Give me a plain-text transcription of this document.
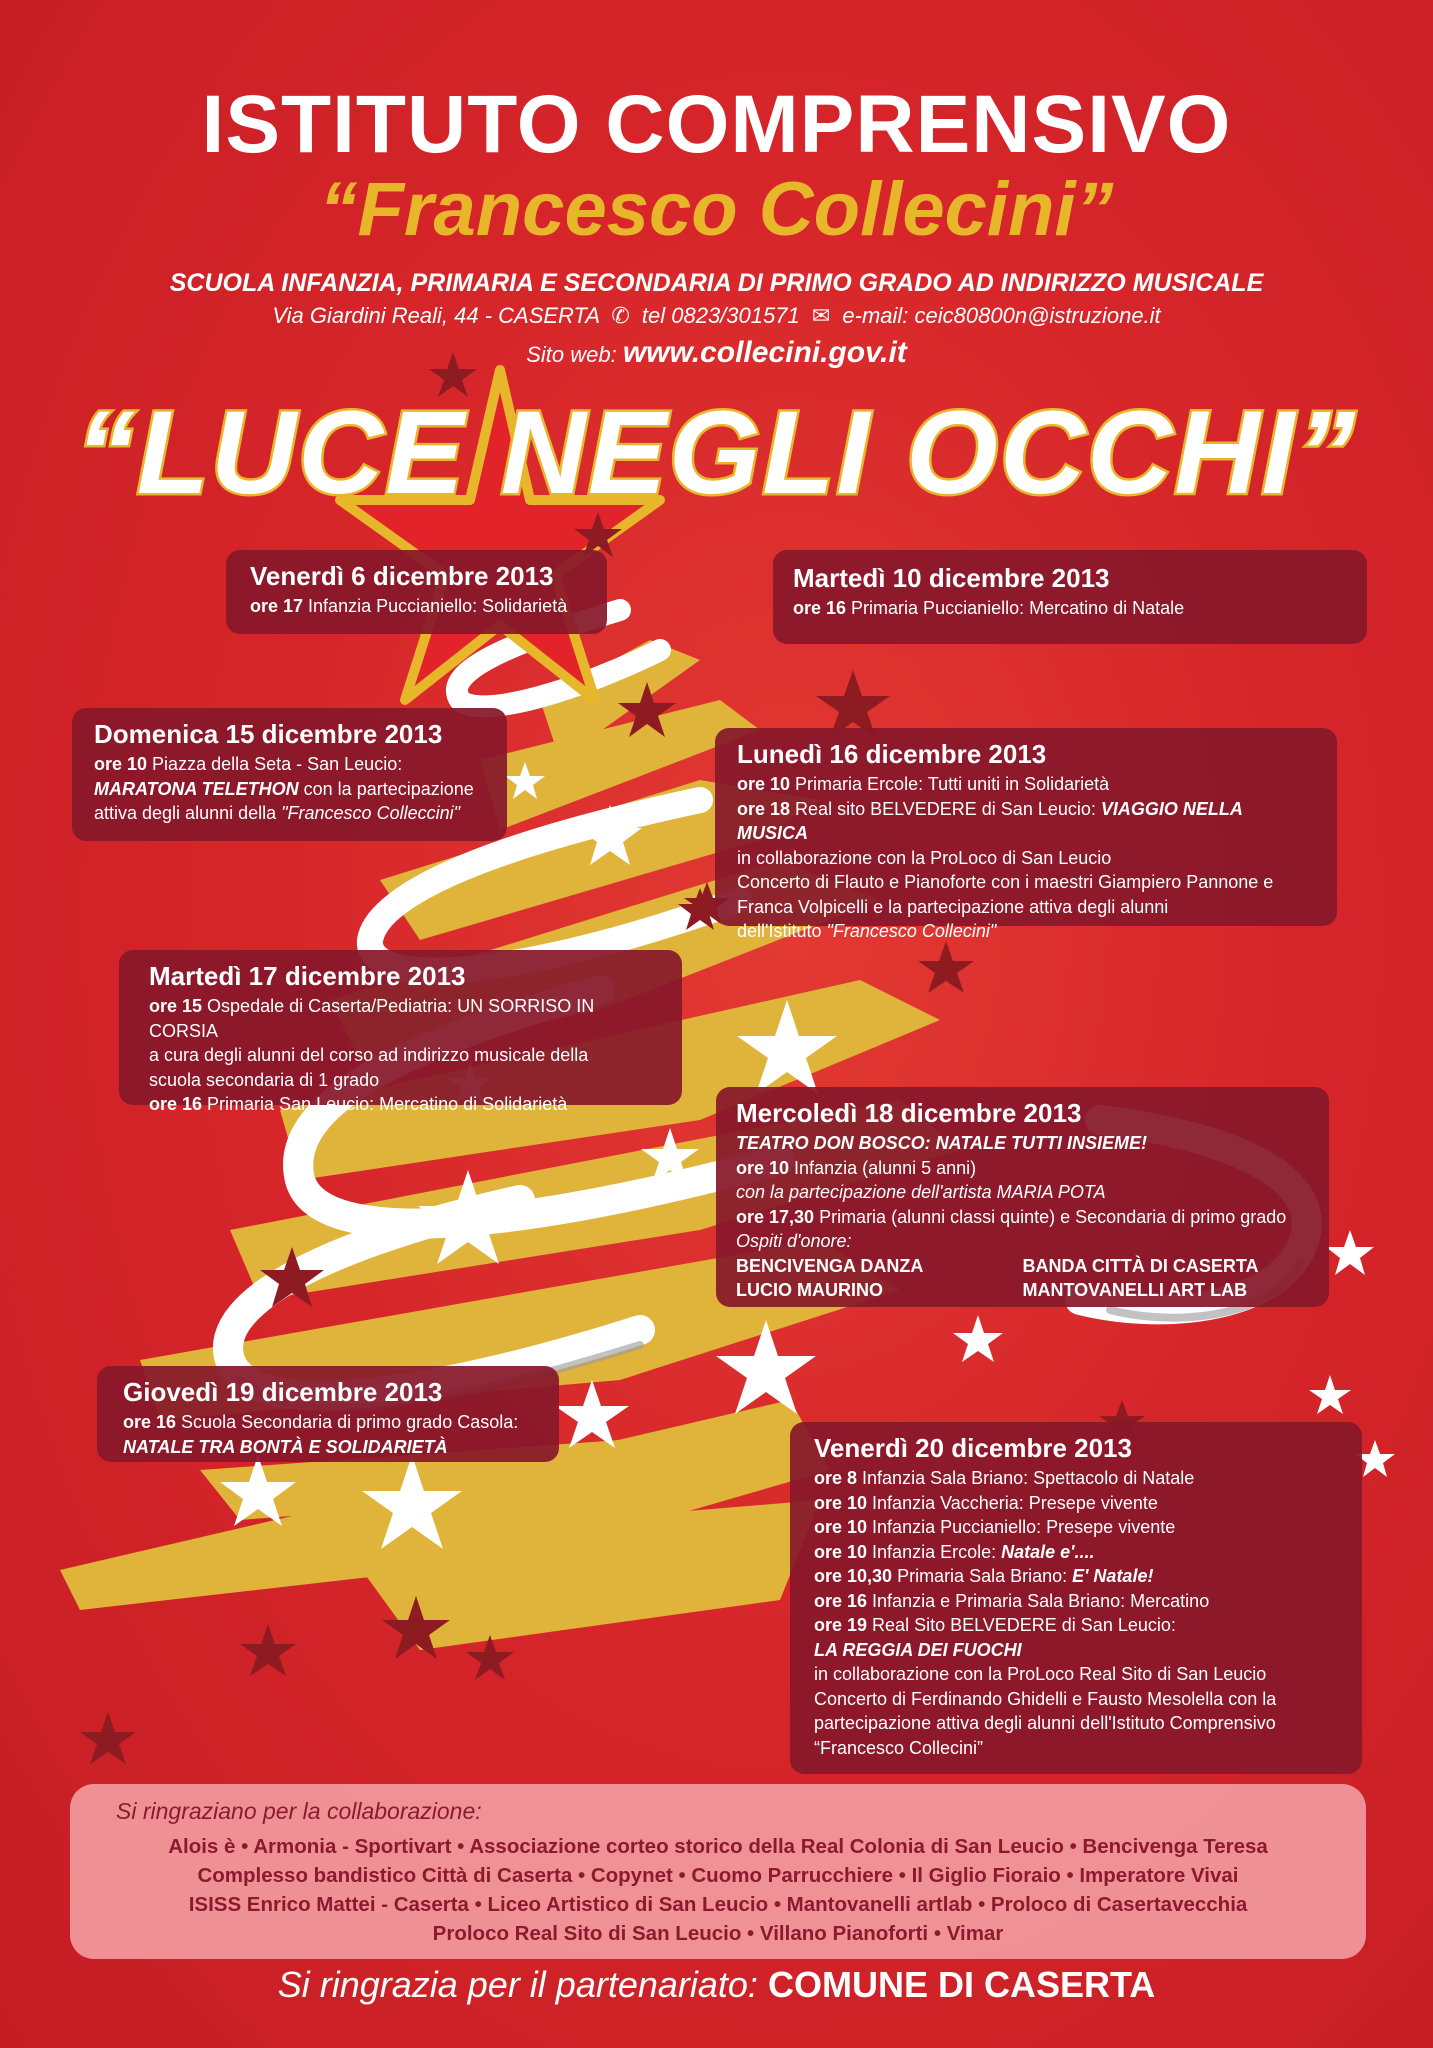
ISTITUTO COMPRENSIVO
“Francesco Collecini”
SCUOLA INFANZIA, PRIMARIA E SECONDARIA DI PRIMO GRADO AD INDIRIZZO MUSICALE
Via Giardini Reali, 44 - CASERTA ✆ tel 0823/301571 ✉ e-mail: ceic80800n@istruzione.it
Sito web: www.collecini.gov.it
“LUCE NEGLI OCCHI”
Venerdì 6 dicembre 2013
ore 17 Infanzia Puccianiello: Solidarietà
Martedì 10 dicembre 2013
ore 16 Primaria Puccianiello: Mercatino di Natale
Domenica 15 dicembre 2013
ore 10 Piazza della Seta - San Leucio:
MARATONA TELETHON con la partecipazione
attiva degli alunni della "Francesco Colleccini"
Lunedì 16 dicembre 2013
ore 10 Primaria Ercole: Tutti uniti in Solidarietà
ore 18 Real sito BELVEDERE di San Leucio: VIAGGIO NELLA MUSICA
in collaborazione con la ProLoco di San Leucio
Concerto di Flauto e Pianoforte con i maestri Giampiero Pannone e
Franca Volpicelli e la partecipazione attiva degli alunni
dell'Istituto "Francesco Collecini"
Martedì 17 dicembre 2013
ore 15 Ospedale di Caserta/Pediatria: UN SORRISO IN CORSIA
a cura degli alunni del corso ad indirizzo musicale della
scuola secondaria di 1 grado
ore 16 Primaria San Leucio: Mercatino di Solidarietà	Mercoledì 18 dicembre 2013
TEATRO DON BOSCO: NATALE TUTTI INSIEME!
ore 10 Infanzia (alunni 5 anni)
con la partecipazione dell'artista MARIA POTA
ore 17,30 Primaria (alunni classi quinte) e Secondaria di primo grado
Ospiti d'onore:
BENCIVENGA DANZA	BANDA CITTÀ DI CASERTA
LUCIO MAURINO	MANTOVANELLI ART LAB
Giovedì 19 dicembre 2013
ore 16 Scuola Secondaria di primo grado Casola:
NATALE TRA BONTÀ E SOLIDARIETÀ	Venerdì 20 dicembre 2013
ore 8 Infanzia Sala Briano: Spettacolo di Natale
ore 10 Infanzia Vaccheria: Presepe vivente
ore 10 Infanzia Puccianiello: Presepe vivente
ore 10 Infanzia Ercole: Natale e'....
ore 10,30 Primaria Sala Briano: E' Natale!
ore 16 Infanzia e Primaria Sala Briano: Mercatino
ore 19 Real Sito BELVEDERE di San Leucio:
LA REGGIA DEI FUOCHI
in collaborazione con la ProLoco Real Sito di San Leucio
Concerto di Ferdinando Ghidelli e Fausto Mesolella con la
partecipazione attiva degli alunni dell'Istituto Comprensivo
“Francesco Collecini”
Si ringraziano per la collaborazione:
Alois è • Armonia - Sportivart • Associazione corteo storico della Real Colonia di San Leucio • Bencivenga Teresa
Complesso bandistico Città di Caserta • Copynet • Cuomo Parrucchiere • Il Giglio Fioraio • Imperatore Vivai
ISISS Enrico Mattei - Caserta • Liceo Artistico di San Leucio • Mantovanelli artlab • Proloco di Casertavecchia
Proloco Real Sito di San Leucio • Villano Pianoforti • Vimar
Si ringrazia per il partenariato: COMUNE DI CASERTA
